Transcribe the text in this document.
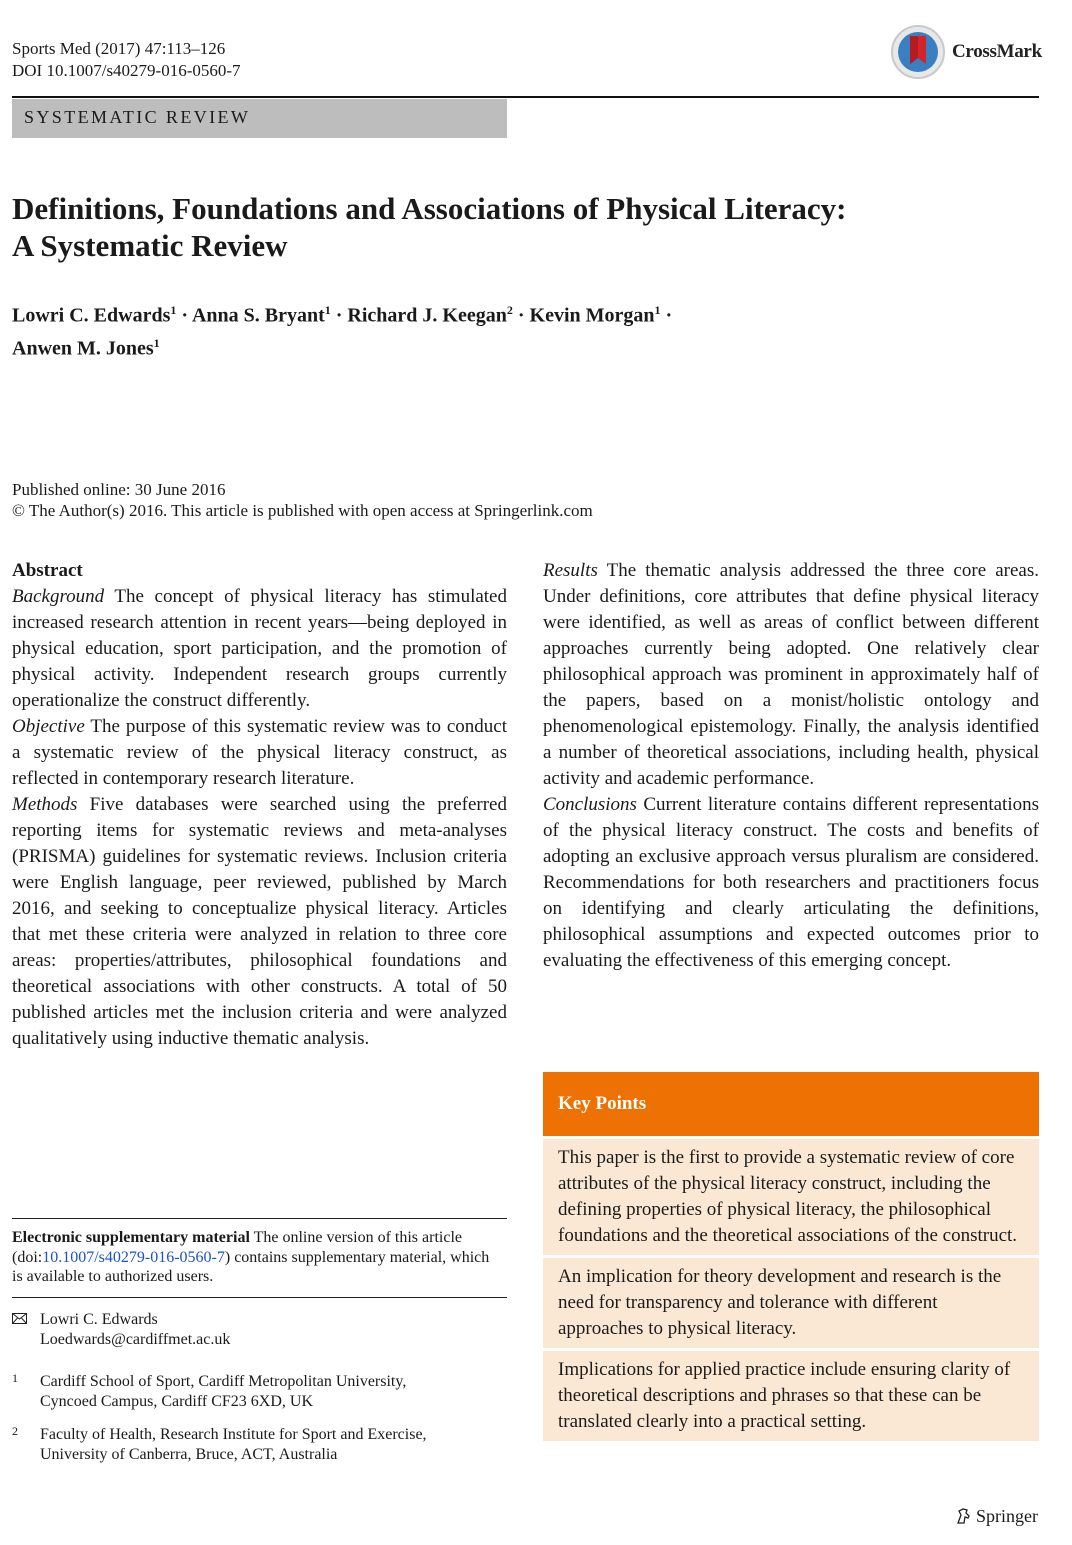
Sports Med (2017) 47:113–126
DOI 10.1007/s40279-016-0560-7
CrossMark
SYSTEMATIC REVIEW
Definitions, Foundations and Associations of Physical Literacy:
A Systematic Review
Lowri C. Edwards$^1$ · Anna S. Bryant$^1$ · Richard J. Keegan$^2$ · Kevin Morgan$^1$ ·
Anwen M. Jones$^1$
Published online: 30 June 2016
© The Author(s) 2016. This article is published with open access at Springerlink.com

Abstract

Background The concept of physical literacy has stimulated increased research attention in recent years—being deployed in physical education, sport participation, and the promotion of physical activity. Independent research groups currently operationalize the construct differently.

Objective The purpose of this systematic review was to conduct a systematic review of the physical literacy construct, as reflected in contemporary research literature.

Methods Five databases were searched using the preferred reporting items for systematic reviews and meta-analyses (PRISMA) guidelines for systematic reviews. Inclusion criteria were English language, peer reviewed, published by March 2016, and seeking to conceptualize physical literacy. Articles that met these criteria were analyzed in relation to three core areas: properties/attributes, philosophical foundations and theoretical associations with other constructs. A total of 50 published articles met the inclusion criteria and were analyzed qualitatively using inductive thematic analysis.

Results The thematic analysis addressed the three core areas. Under definitions, core attributes that define physical literacy were identified, as well as areas of conflict between different approaches currently being adopted. One relatively clear philosophical approach was prominent in approximately half of the papers, based on a monist/holistic ontology and phenomenological epistemology. Finally, the analysis identified a number of theoretical associations, including health, physical activity and academic performance.

Conclusions Current literature contains different representations of the physical literacy construct. The costs and benefits of adopting an exclusive approach versus pluralism are considered. Recommendations for both researchers and practitioners focus on identifying and clearly articulating the definitions, philosophical assumptions and expected outcomes prior to evaluating the effectiveness of this emerging concept.

Key Points
This paper is the first to provide a systematic review of core attributes of the physical literacy construct, including the defining properties of physical literacy, the philosophical foundations and the theoretical associations of the construct.
An implication for theory development and research is the need for transparency and tolerance with different approaches to physical literacy.
Implications for applied practice include ensuring clarity of theoretical descriptions and phrases so that these can be translated clearly into a practical setting.
Electronic supplementary material The online version of this article (doi:10.1007/s40279-016-0560-7) contains supplementary material, which is available to authorized users.
Lowri C. Edwards
Loedwards@cardiffmet.ac.uk
1 Cardiff School of Sport, Cardiff Metropolitan University,
Cyncoed Campus, Cardiff CF23 6XD, UK
2 Faculty of Health, Research Institute for Sport and Exercise,
University of Canberra, Bruce, ACT, Australia
Springer
